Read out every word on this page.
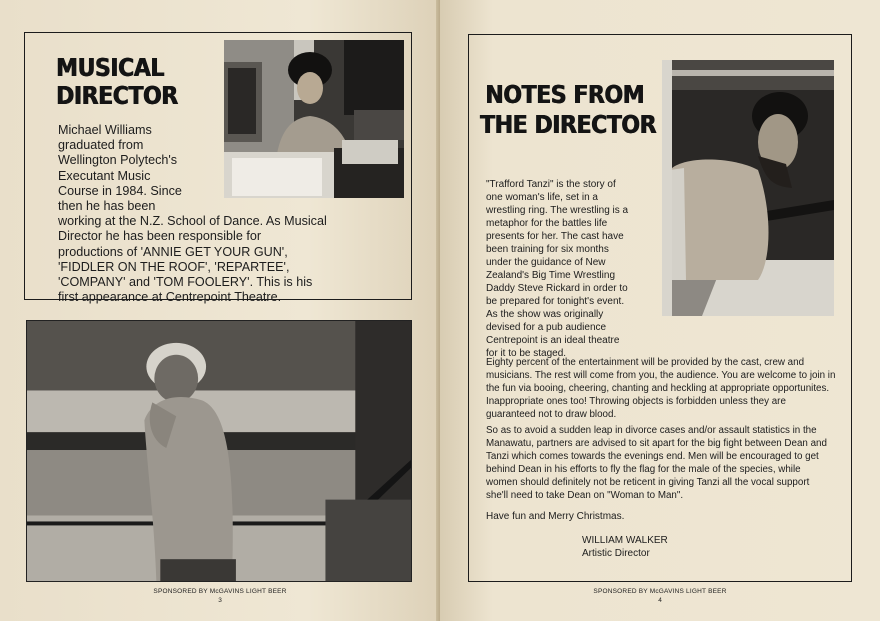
MUSICAL
DIRECTOR
Michael Williams
graduated from
Wellington Polytech's
Executant Music
Course in 1984. Since
then he has been
working at the N.Z. School of Dance. As Musical
Director he has been responsible for
productions of 'ANNIE GET YOUR GUN',
'FIDDLER ON THE ROOF', 'REPARTEE',
'COMPANY' and 'TOM FOOLERY'. This is his
first appearance at Centrepoint Theatre.
SPONSORED BY McGAVINS LIGHT BEER
3
NOTES FROM
THE DIRECTOR
"Trafford Tanzi" is the story of
one woman's life, set in a
wrestling ring. The wrestling is a
metaphor for the battles life
presents for her. The cast have
been training for six months
under the guidance of New
Zealand's Big Time Wrestling
Daddy Steve Rickard in order to
be prepared for tonight's event.
As the show was originally
devised for a pub audience
Centrepoint is an ideal theatre
for it to be staged.
Eighty percent of the entertainment will be provided by the cast, crew and
musicians. The rest will come from you, the audience. You are welcome to join in
the fun via booing, cheering, chanting and heckling at appropriate opportunites.
Inappropriate ones too! Throwing objects is forbidden unless they are
guaranteed not to draw blood.
So as to avoid a sudden leap in divorce cases and/or assault statistics in the
Manawatu, partners are advised to sit apart for the big fight between Dean and
Tanzi which comes towards the evenings end. Men will be encouraged to get
behind Dean in his efforts to fly the flag for the male of the species, while
women should definitely not be reticent in giving Tanzi all the vocal support
she'll need to take Dean on "Woman to Man".
Have fun and Merry Christmas.
WILLIAM WALKER
Artistic Director
SPONSORED BY McGAVINS LIGHT BEER
4
